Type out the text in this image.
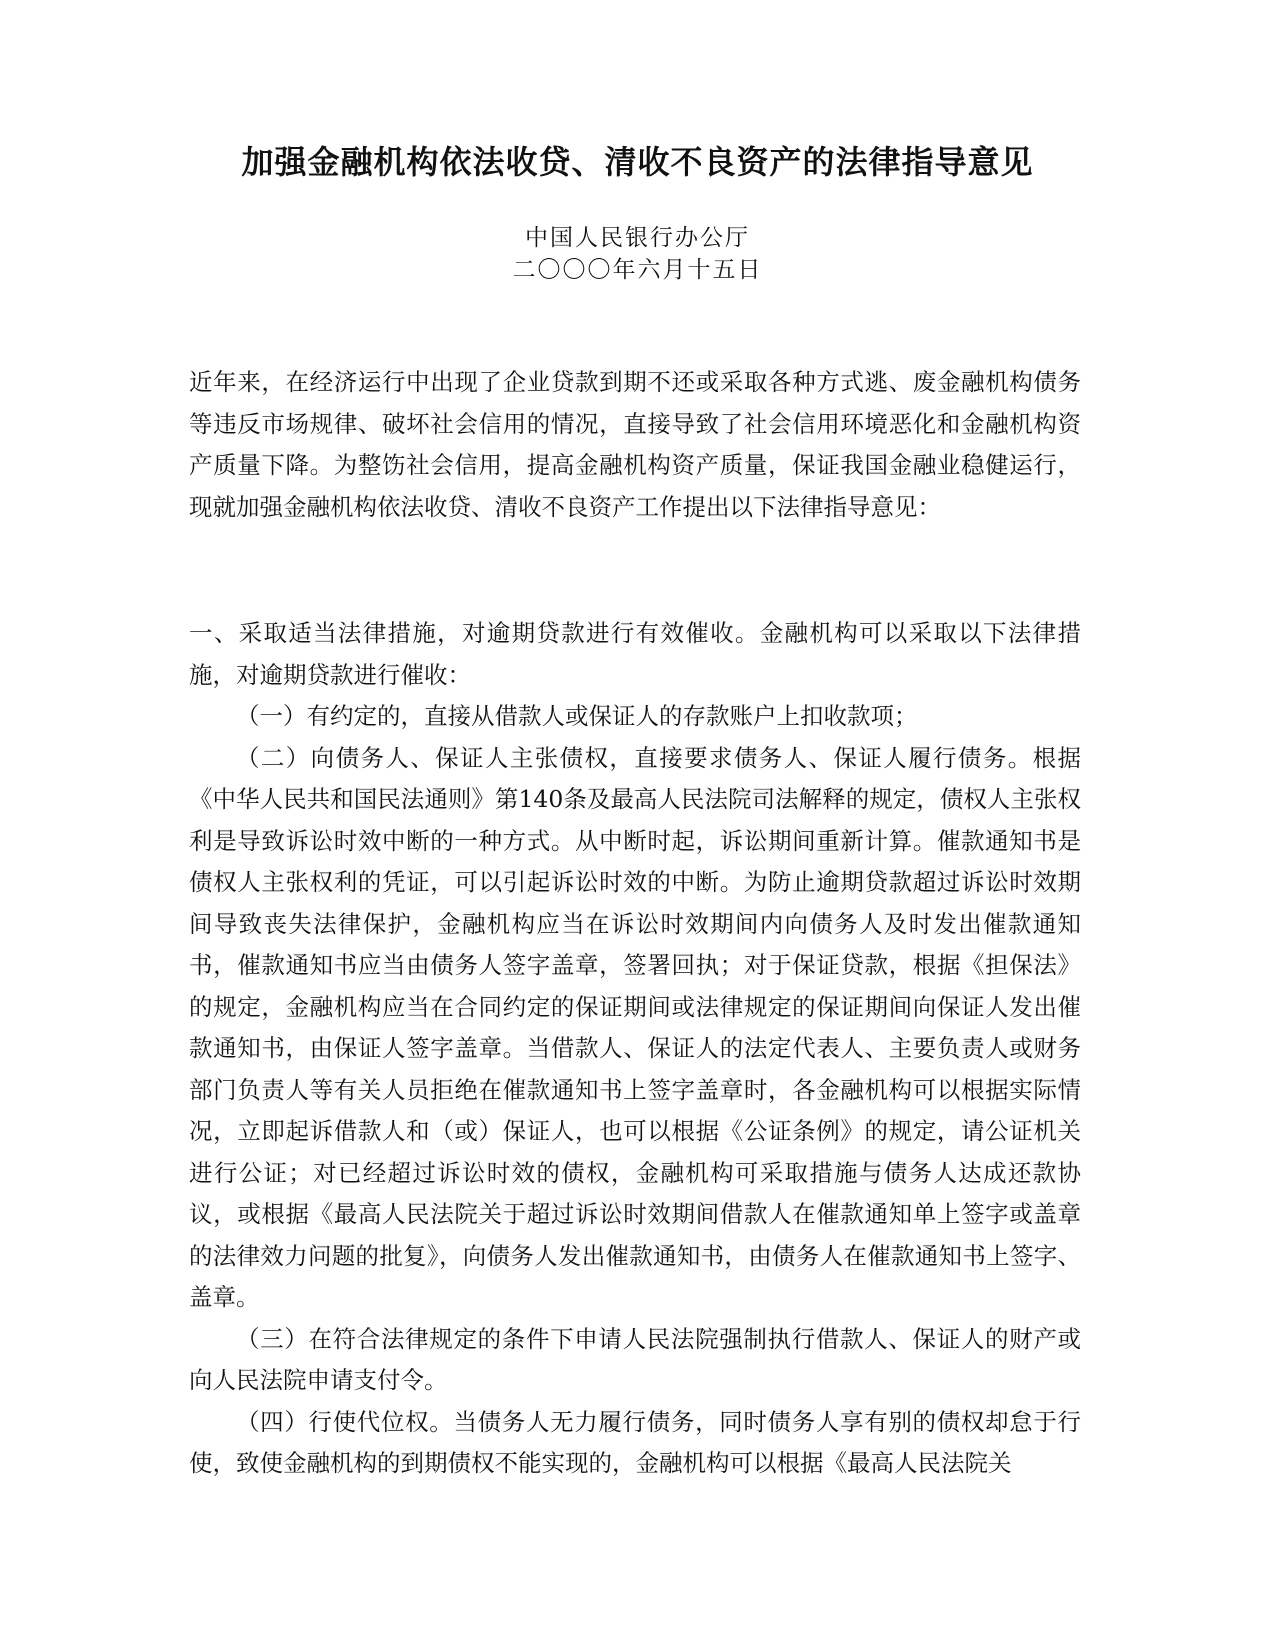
加强金融机构依法收贷、清收不良资产的法律指导意见
中国人民银行办公厅
二〇〇〇年六月十五日

近年来，在经济运行中出现了企业贷款到期不还或采取各种方式逃、废金融机构债务等违反市场规律、破坏社会信用的情况，直接导致了社会信用环境恶化和金融机构资产质量下降。为整饬社会信用，提高金融机构资产质量，保证我国金融业稳健运行，现就加强金融机构依法收贷、清收不良资产工作提出以下法律指导意见：

一、采取适当法律措施，对逾期贷款进行有效催收。金融机构可以采取以下法律措施，对逾期贷款进行催收：

（一）有约定的，直接从借款人或保证人的存款账户上扣收款项；

（二）向债务人、保证人主张债权，直接要求债务人、保证人履行债务。根据《中华人民共和国民法通则》第140条及最高人民法院司法解释的规定，债权人主张权利是导致诉讼时效中断的一种方式。从中断时起，诉讼期间重新计算。催款通知书是债权人主张权利的凭证，可以引起诉讼时效的中断。为防止逾期贷款超过诉讼时效期间导致丧失法律保护，金融机构应当在诉讼时效期间内向债务人及时发出催款通知书，催款通知书应当由债务人签字盖章，签署回执；对于保证贷款，根据《担保法》的规定，金融机构应当在合同约定的保证期间或法律规定的保证期间向保证人发出催款通知书，由保证人签字盖章。当借款人、保证人的法定代表人、主要负责人或财务部门负责人等有关人员拒绝在催款通知书上签字盖章时，各金融机构可以根据实际情况，立即起诉借款人和（或）保证人，也可以根据《公证条例》的规定，请公证机关进行公证；对已经超过诉讼时效的债权，金融机构可采取措施与债务人达成还款协议，或根据《最高人民法院关于超过诉讼时效期间借款人在催款通知单上签字或盖章的法律效力问题的批复》，向债务人发出催款通知书，由债务人在催款通知书上签字、盖章。

（三）在符合法律规定的条件下申请人民法院强制执行借款人、保证人的财产或向人民法院申请支付令。

（四）行使代位权。当债务人无力履行债务，同时债务人享有别的债权却怠于行使，致使金融机构的到期债权不能实现的，金融机构可以根据《最高人民法院关
